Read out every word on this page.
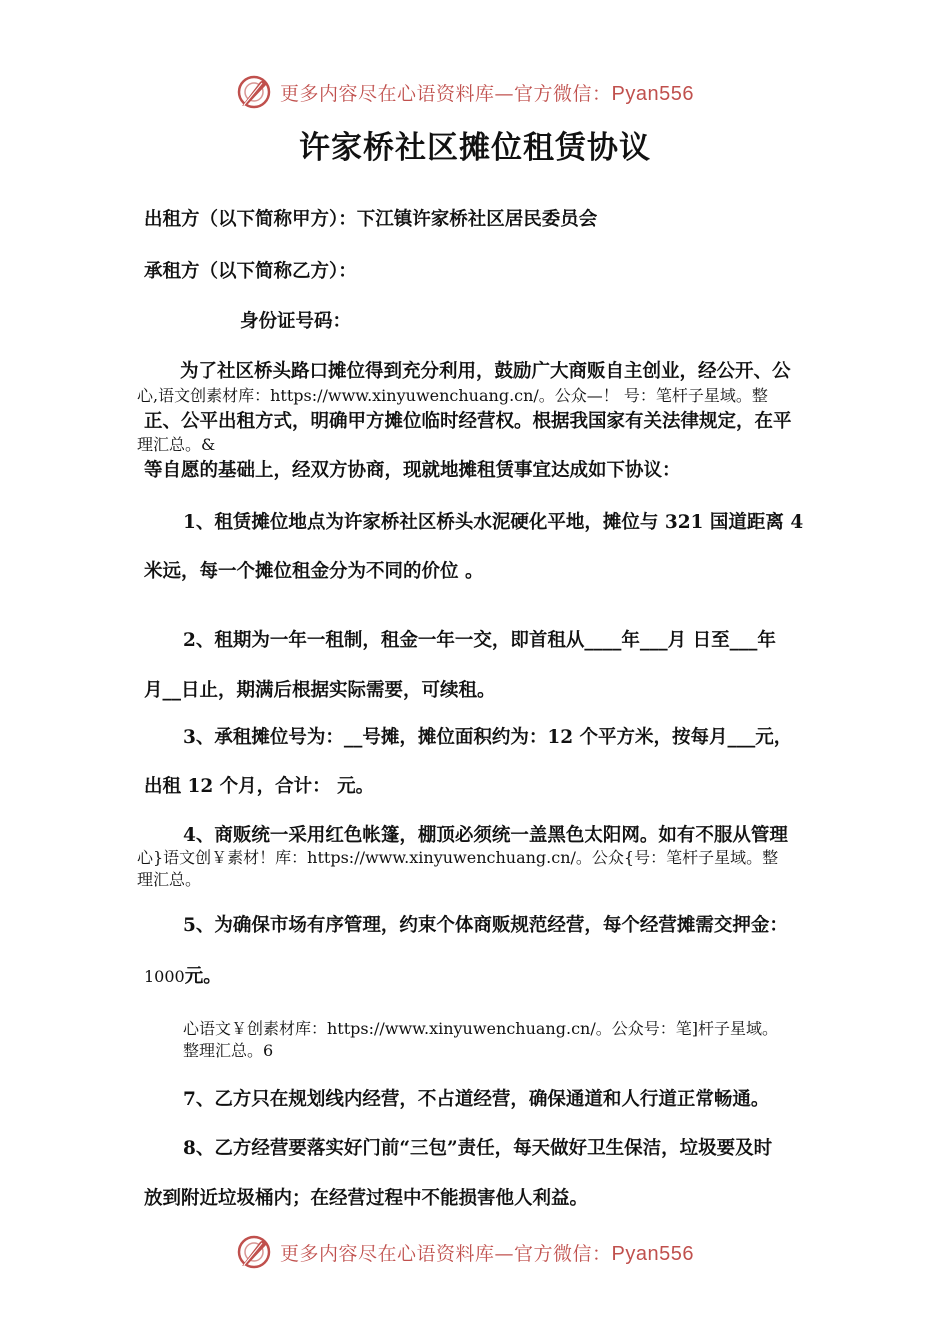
更多内容尽在心语资料库—官方微信：Pyan556
许家桥社区摊位租赁协议
出租方（以下简称甲方）：下江镇许家桥社区居民委员会
承租方（以下简称乙方）：
身份证号码：
为了社区桥头路口摊位得到充分利用，鼓励广大商贩自主创业，经公开、公
心,语文创素材库：https://www.xinyuwenchuang.cn/。公众—！ 号：笔杆子星域。整
正、公平出租方式，明确甲方摊位临时经营权。根据我国家有关法律规定，在平
理汇总。&
等自愿的基础上，经双方协商，现就地摊租赁事宜达成如下协议：
1、租赁摊位地点为许家桥社区桥头水泥硬化平地，摊位与 321 国道距离 4
米远，每一个摊位租金分为不同的价位 。
2、租期为一年一租制，租金一年一交，即首租从____年___月 日至___年
月__日止，期满后根据实际需要，可续租。
3、承租摊位号为：__号摊，摊位面积约为：12 个平方米，按每月___元，
出租 12 个月，合计： 元。
4、商贩统一采用红色帐篷，棚顶必须统一盖黑色太阳网。如有不服从管理
心}语文创￥素材！库：https://www.xinyuwenchuang.cn/。公众{号：笔杆子星域。整
理汇总。
5、为确保市场有序管理，约束个体商贩规范经营，每个经营摊需交押金：
1000元。
心语文￥创素材库：https://www.xinyuwenchuang.cn/。公众号：笔]杆子星域。
整理汇总。6
7、乙方只在规划线内经营，不占道经营，确保通道和人行道正常畅通。
8、乙方经营要落实好门前“三包”责任，每天做好卫生保洁，垃圾要及时
放到附近垃圾桶内；在经营过程中不能损害他人利益。
更多内容尽在心语资料库—官方微信：Pyan556
